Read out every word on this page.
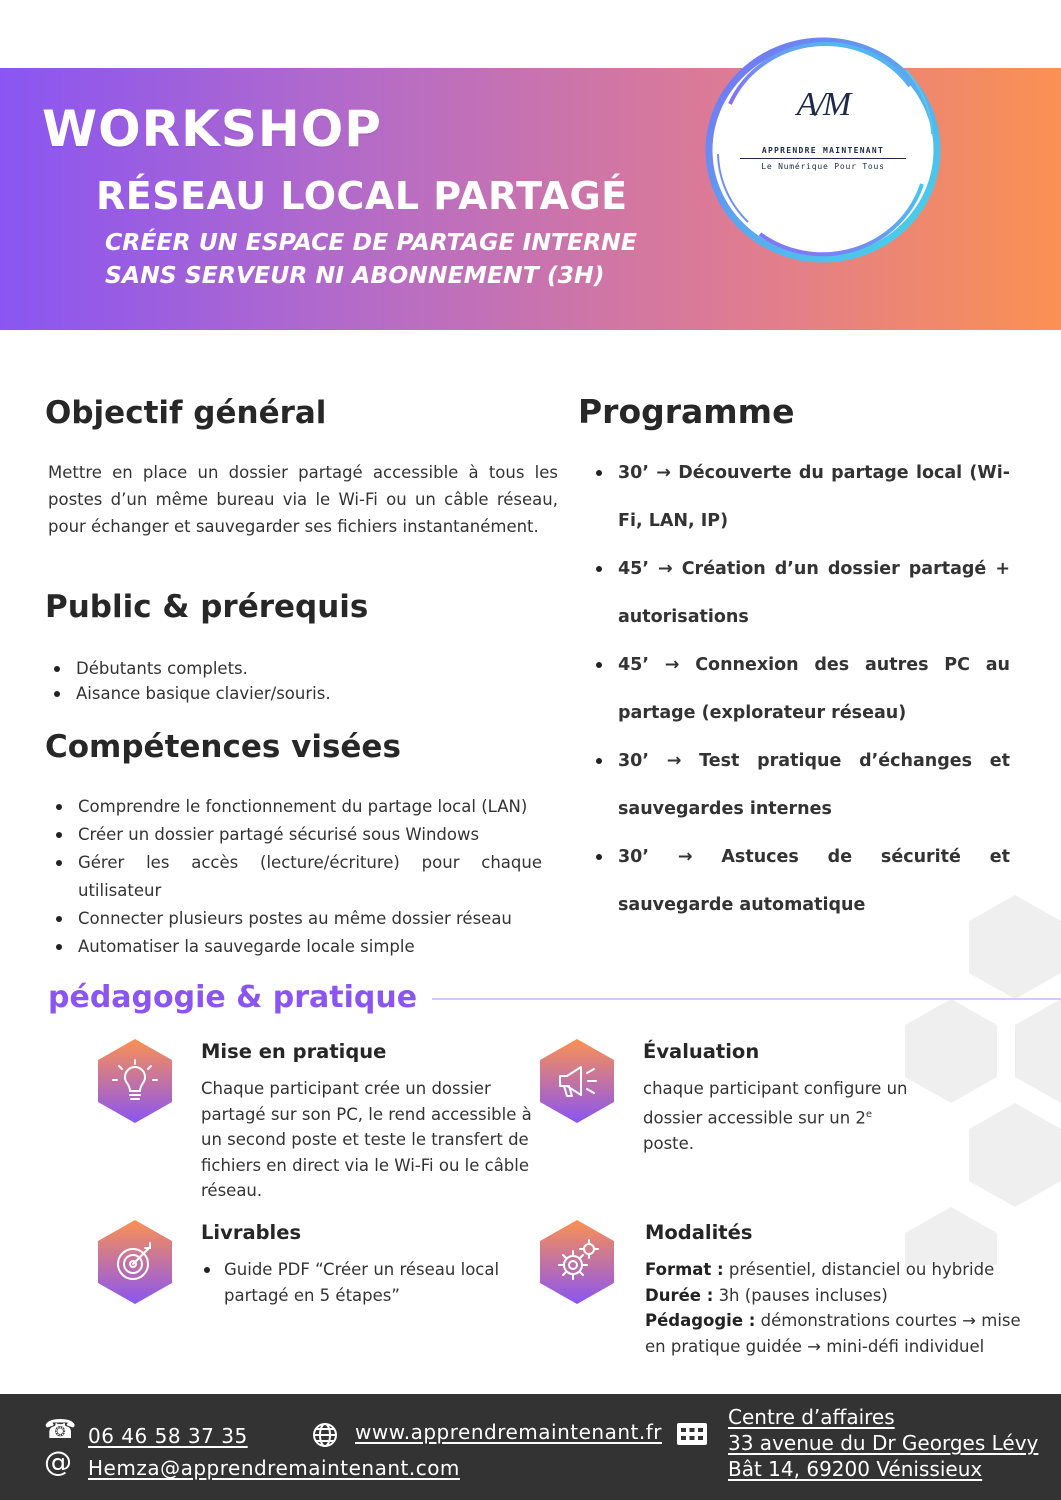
WORKSHOP
RÉSEAU LOCAL PARTAGÉ
CRÉER UN ESPACE DE PARTAGE INTERNE
SANS SERVEUR NI ABONNEMENT (3H)
A/M
APPRENDRE MAINTENANT
Le Numérique Pour Tous
Objectif général
Mettre en place un dossier partagé accessible à tous les postes d’un même bureau via le Wi-Fi ou un câble réseau, pour échanger et sauvegarder ses fichiers instantanément.
Public & prérequis
Débutants complets.
Aisance basique clavier/souris.
Compétences visées
Comprendre le fonctionnement du partage local (LAN)
Créer un dossier partagé sécurisé sous Windows
Gérer les accès (lecture/écriture) pour chaque utilisateur
Connecter plusieurs postes au même dossier réseau
Automatiser la sauvegarde locale simple
Programme
30’ → Découverte du partage local (Wi-Fi, LAN, IP)
45’ → Création d’un dossier partagé + autorisations
45’ → Connexion des autres PC au partage (explorateur réseau)
30’ → Test pratique d’échanges et sauvegardes internes
30’ → Astuces de sécurité et sauvegarde automatique
pédagogie & pratique
Mise en pratique
Chaque participant crée un dossier partagé sur son PC, le rend accessible à un second poste et teste le transfert de fichiers en direct via le Wi-Fi ou le câble réseau.
Évaluation
chaque participant configure un dossier accessible sur un 2e
poste.
Livrables
Guide PDF “Créer un réseau local partagé en 5 étapes”
Modalités
Format : présentiel, distanciel ou hybride
Durée : 3h (pauses incluses)
Pédagogie : démonstrations courtes → mise en pratique guidée → mini-défi individuel
☎ 06 46 58 37 35
@ Hemza@apprendremaintenant.com
www.apprendremaintenant.fr
Centre d’affaires
33 avenue du Dr Georges Lévy
Bât 14, 69200 Vénissieux
